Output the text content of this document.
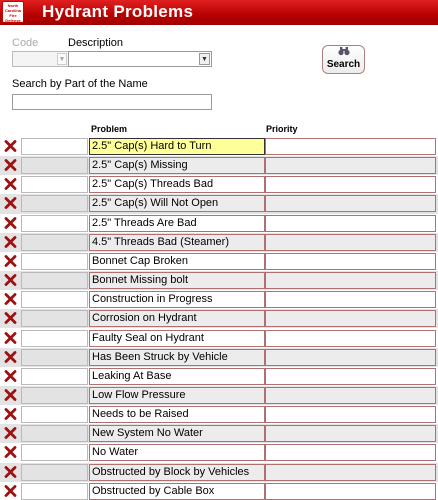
North
Carolina
Fire
Defense Hydrant Problems
Code	Description
▼	▼	Search
Search by Part of the Name
Problem	Priority
2.5" Cap(s) Hard to Turn
2.5" Cap(s) Missing
2.5" Cap(s) Threads Bad
2.5" Cap(s) Will Not Open
2.5" Threads Are Bad
4.5" Threads Bad (Steamer)
Bonnet Cap Broken
Bonnet Missing bolt
Construction in Progress
Corrosion on Hydrant
Faulty Seal on Hydrant
Has Been Struck by Vehicle
Leaking At Base
Low Flow Pressure
Needs to be Raised
New System No Water
No Water
Obstructed by Block by Vehicles
Obstructed by Cable Box
